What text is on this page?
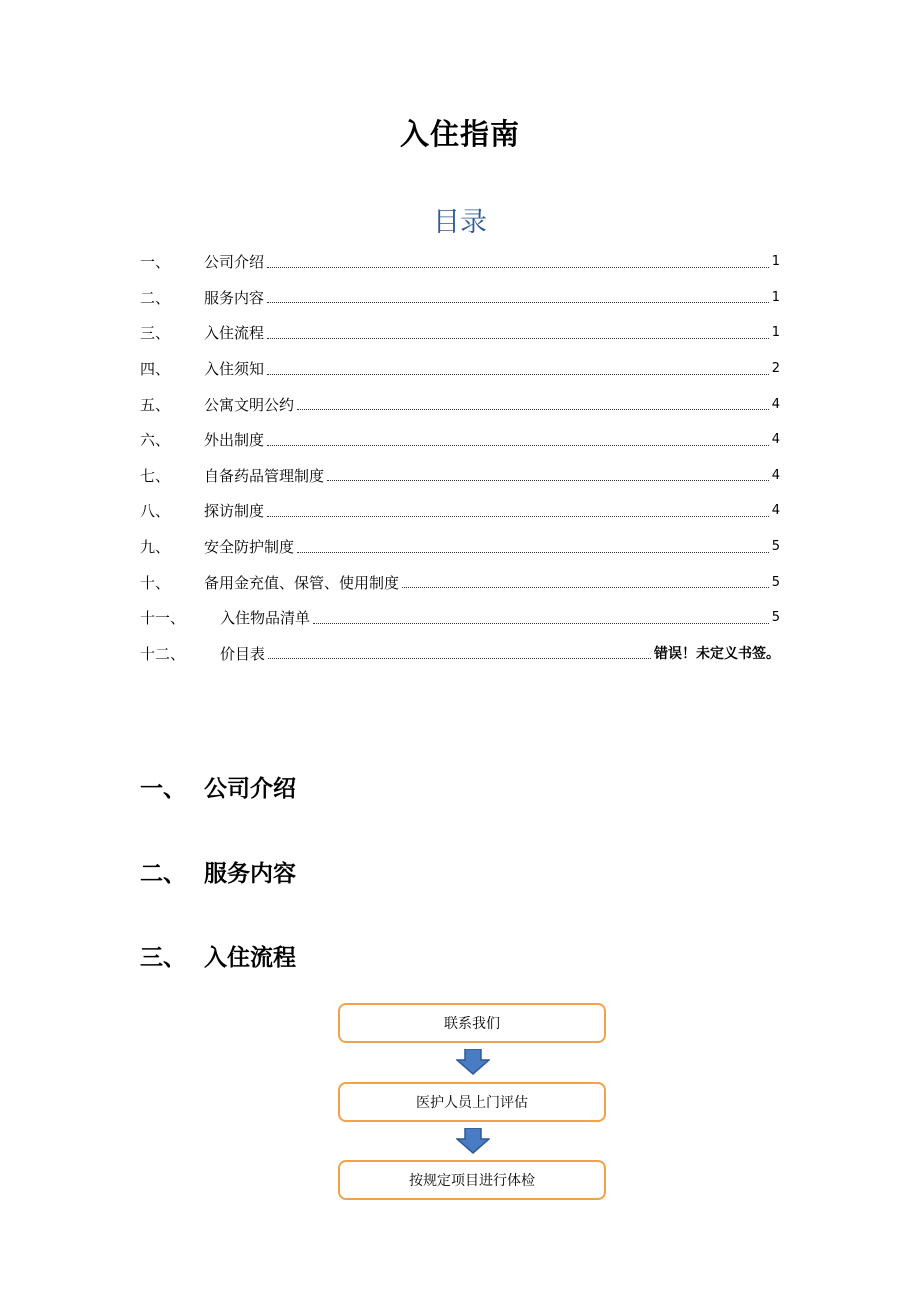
入住指南
目录
一、	公司介绍	1
二、	服务内容	1
三、	入住流程	1
四、	入住须知	2
五、	公寓文明公约	4
六、	外出制度	4
七、	自备药品管理制度	4
八、	探访制度	4
九、	安全防护制度	5
十、	备用金充值、保管、使用制度	5
十一、	入住物品清单	5
十二、	价目表	错误！未定义书签。
一、 公司介绍
二、 服务内容
三、 入住流程
联系我们
医护人员上门评估
按规定项目进行体检
